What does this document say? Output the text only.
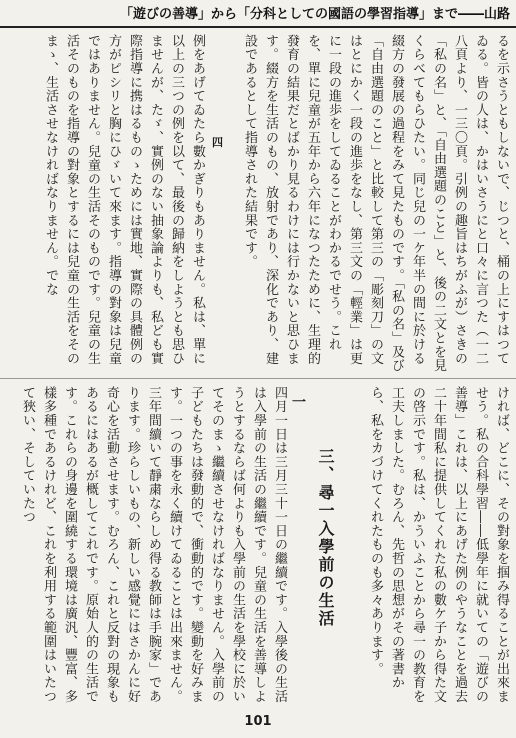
「遊びの善導」から「分科としての國語の學習指導」まで――山路
るを示さうともしないで、じつと、桶の上にすはつてゐる。皆の人は、かはいさうにと口々に言つた（一二八頁より、一三〇頁。引例の趣旨はちがふが）さきの「私の名」と、「自由選題のこと」と、後の二文とを見くらべてもらひたい。同じ兒の一ケ年半の間に於ける綴方の發展の過程をみて見たものです。「私の名」及び「自由選題のこと」と比較して第三の「彫刻刀」の文はとにかく一段の進歩をなし、第三文の「輕業」は更に一段の進歩をしてゐることがわかるでせう。これを、單に兒童が五年から六年になつたために、生理的發育の結果だとばかり見るわけには行かないと思ひます。綴方を生活のもの、放射であり、深化であり、建設であるとして指導された結果です。
四
例をあげてゐたら數かぎりもありません。私は、單に以上の三つの例を以て、最後の歸納をしようとも思ひませんが、たゞ、實例のない抽象論よりも、私ども實際指導に携はるものゝためには實地、實際の具體例の方がピシリと胸にひゞいて來ます。指導の對象は兒童ではありません。兒童の生活そのものです。兒童の生活そのものを指導の對象とするには兒童の生活をそのまゝ、生活させなければなりません。でな
ければ、どこに、その對象を掴み得ることが出來ませう。私の合科學習――低學年に就いての「遊びの善導」これは、以上にあげた例のやうなことを過去二十年間私に提供してくれた私の數ケ子から得た文の啓示です。私は、かういふことから尋一の教育を工夫しました。むろん、先哲の思想がその著書から、私をカづけてくれたものも多々あります。
三、尋一入學前の生活
一
四月一日は三月三十一日の繼續です。入學後の生活は入學前の生活の繼續です。兒童の生活を善導しようとするならば何よりも入學前の生活を學校に於いてそのまゝ繼續させなければなりません。入學前の子どもたちは發動的で、衝動的です。變動を好みます。一つの事を永く續けてゐることは出來ません。三年間續いて靜粛ならしめ得る教師は手腕家」であります。珍らしいもの、新しい感覺にはさかんに好奇心を活動させます。むろん、これと反對の現象もあるにはあるが概してこれです。原始人的の生活です。これらの身邊を圍繞する環境は廣汎、豐富、多樣多種であるけれど、これを利用する範圍はいたつて狹い、そしていたつ
101
